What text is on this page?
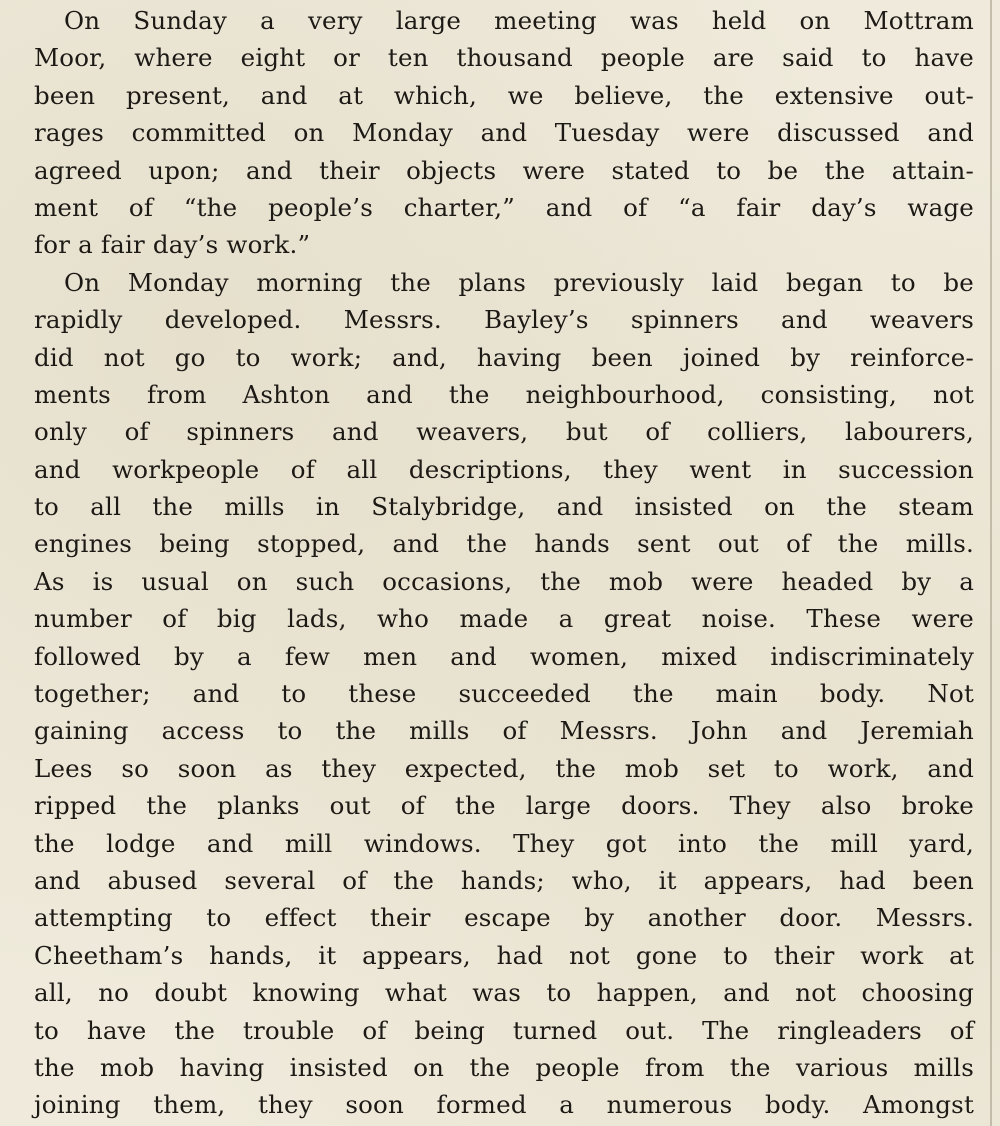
On Sunday a very large meeting was held on Mottram
Moor, where eight or ten thousand people are said to have
been present, and at which, we believe, the extensive out-
rages committed on Monday and Tuesday were discussed and
agreed upon; and their objects were stated to be the attain-
ment of “the people’s charter,” and of “a fair day’s wage
for a fair day’s work.”
On Monday morning the plans previously laid began to be
rapidly developed. Messrs. Bayley’s spinners and weavers
did not go to work; and, having been joined by reinforce-
ments from Ashton and the neighbourhood, consisting, not
only of spinners and weavers, but of colliers, labourers,
and workpeople of all descriptions, they went in succession
to all the mills in Stalybridge, and insisted on the steam
engines being stopped, and the hands sent out of the mills.
As is usual on such occasions, the mob were headed by a
number of big lads, who made a great noise. These were
followed by a few men and women, mixed indiscriminately
together; and to these succeeded the main body. Not
gaining access to the mills of Messrs. John and Jeremiah
Lees so soon as they expected, the mob set to work, and
ripped the planks out of the large doors. They also broke
the lodge and mill windows. They got into the mill yard,
and abused several of the hands; who, it appears, had been
attempting to effect their escape by another door. Messrs.
Cheetham’s hands, it appears, had not gone to their work at
all, no doubt knowing what was to happen, and not choosing
to have the trouble of being turned out. The ringleaders of
the mob having insisted on the people from the various mills
joining them, they soon formed a numerous body. Amongst
